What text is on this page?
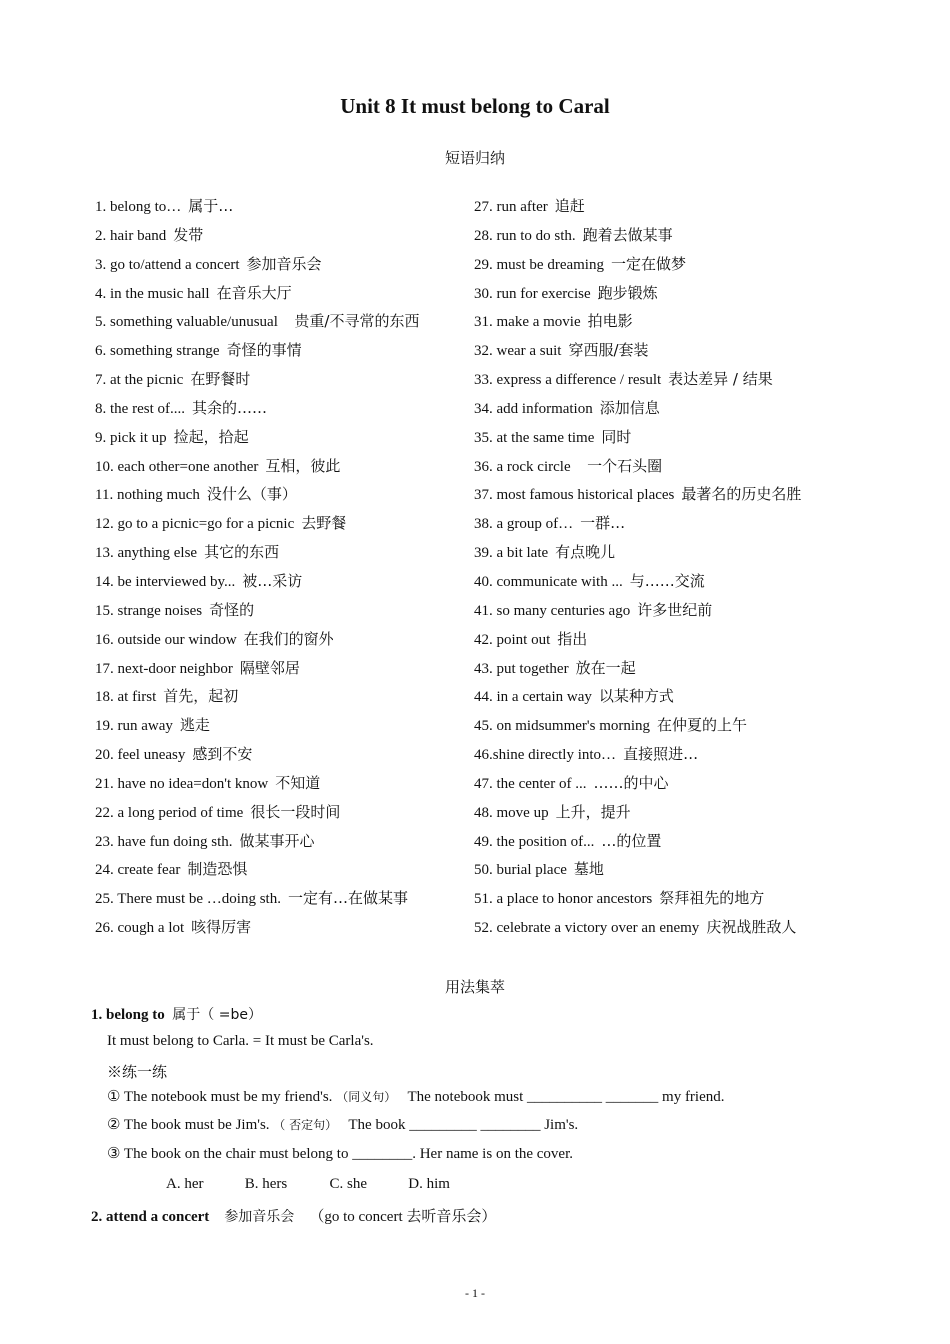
Unit 8 It must belong to Caral
短语归纳
1. belong to… 属于…
2. hair band 发带
3. go to/attend a concert 参加音乐会
4. in the music hall 在音乐大厅
5. something valuable/unusual  贵重/不寻常的东西
6. something strange 奇怪的事情
7. at the picnic 在野餐时
8. the rest of.... 其余的……
9. pick it up 捡起，拾起
10. each other=one another 互相，彼此
11. nothing much 没什么（事）
12. go to a picnic=go for a picnic 去野餐
13. anything else 其它的东西
14. be interviewed by... 被…采访
15. strange noises 奇怪的
16. outside our window 在我们的窗外
17. next-door neighbor 隔壁邻居
18. at first 首先，起初
19. run away 逃走
20. feel uneasy 感到不安
21. have no idea=don't know 不知道
22. a long period of time 很长一段时间
23. have fun doing sth. 做某事开心
24. create fear 制造恐惧
25. There must be …doing sth. 一定有…在做某事
26. cough a lot 咳得厉害
27. run after 追赶
28. run to do sth. 跑着去做某事
29. must be dreaming 一定在做梦
30. run for exercise 跑步锻炼
31. make a movie 拍电影
32. wear a suit 穿西服/套装
33. express a difference / result 表达差异 / 结果
34. add information 添加信息
35. at the same time 同时
36. a rock circle  一个石头圈
37. most famous historical places 最著名的历史名胜
38. a group of… 一群…
39. a bit late 有点晚儿
40. communicate with ... 与……交流
41. so many centuries ago 许多世纪前
42. point out 指出
43. put together 放在一起
44. in a certain way 以某种方式
45. on midsummer's morning 在仲夏的上午
46.shine directly into… 直接照进…
47. the center of ... ……的中心
48. move up 上升，提升
49. the position of... …的位置
50. burial place 墓地
51. a place to honor ancestors 祭拜祖先的地方
52. celebrate a victory over an enemy 庆祝战胜敌人
用法集萃
1. belong to 属于（ =be）
It must belong to Carla. = It must be Carla's.
※练一练
① The notebook must be my friend's. （同义句） The notebook must __________ _______ my friend.
② The book must be Jim's. （ 否定句） The book _________ ________ Jim's.
③ The book on the chair must belong to ________. Her name is on the cover.
A. her	B. hers	C. she	D. him
2. attend a concert 参加音乐会 （go to concert 去听音乐会）
- 1 -
